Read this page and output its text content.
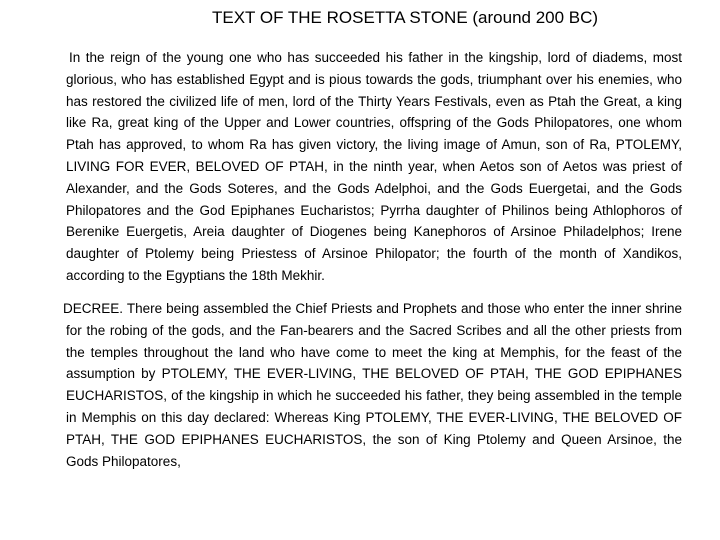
TEXT OF THE ROSETTA STONE (around 200 BC)

In the reign of the young one who has succeeded his father in the kingship, lord of diadems, most glorious, who has established Egypt and is pious towards the gods, triumphant over his enemies, who has restored the civilized life of men, lord of the Thirty Years Festivals, even as Ptah the Great, a king like Ra, great king of the Upper and Lower countries, offspring of the Gods Philopatores, one whom Ptah has approved, to whom Ra has given victory, the living image of Amun, son of Ra, PTOLEMY, LIVING FOR EVER, BELOVED OF PTAH, in the ninth year, when Aetos son of Aetos was priest of Alexander, and the Gods Soteres, and the Gods Adelphoi, and the Gods Euergetai, and the Gods Philopatores and the God Epiphanes Eucharistos; Pyrrha daughter of Philinos being Athlophoros of Berenike Euergetis, Areia daughter of Diogenes being Kanephoros of Arsinoe Philadelphos; Irene daughter of Ptolemy being Priestess of Arsinoe Philopator; the fourth of the month of Xandikos, according to the Egyptians the 18th Mekhir.

DECREE. There being assembled the Chief Priests and Prophets and those who enter the inner shrine for the robing of the gods, and the Fan-bearers and the Sacred Scribes and all the other priests from the temples throughout the land who have come to meet the king at Memphis, for the feast of the assumption by PTOLEMY, THE EVER-LIVING, THE BELOVED OF PTAH, THE GOD EPIPHANES EUCHARISTOS, of the kingship in which he succeeded his father, they being assembled in the temple in Memphis on this day declared: Whereas King PTOLEMY, THE EVER-LIVING, THE BELOVED OF PTAH, THE GOD EPIPHANES EUCHARISTOS, the son of King Ptolemy and Queen Arsinoe, the Gods Philopatores,
